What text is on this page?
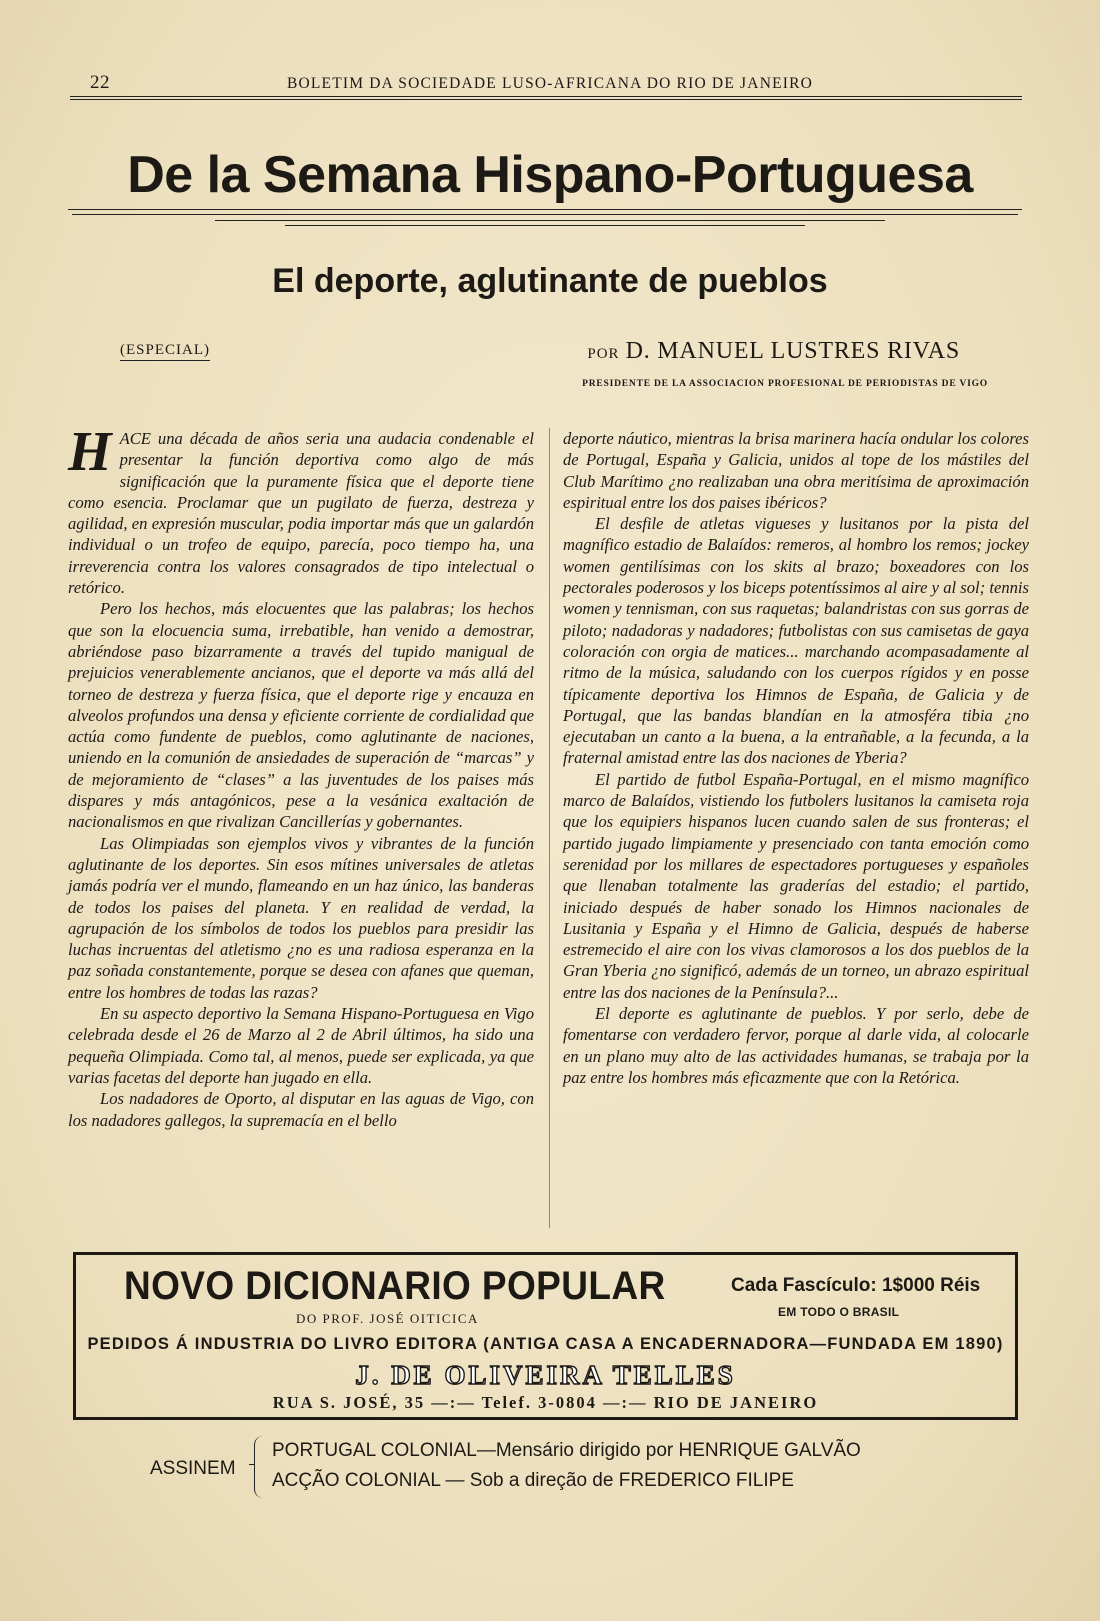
22	BOLETIM DA SOCIEDADE LUSO-AFRICANA DO RIO DE JANEIRO
De la Semana Hispano-Portuguesa
El deporte, aglutinante de pueblos
(ESPECIAL)	POR D. MANUEL LUSTRES RIVAS
PRESIDENTE DE LA ASSOCIACION PROFESIONAL DE PERIODISTAS DE VIGO

HACE una década de años seria una audacia condenable el presentar la función deportiva como algo de más significación que la puramente física que el deporte tiene como esencia. Proclamar que un pugilato de fuerza, destreza y agilidad, en expresión muscular, podia importar más que un galardón individual o un trofeo de equipo, parecía, poco tiempo ha, una irreverencia contra los valores consagrados de tipo intelectual o retórico.

Pero los hechos, más elocuentes que las palabras; los hechos que son la elocuencia suma, irrebatible, han venido a demostrar, abriéndose paso bizarramente a través del tupido manigual de prejuicios venerablemente ancianos, que el deporte va más allá del torneo de destreza y fuerza física, que el deporte rige y encauza en alveolos profundos una densa y eficiente corriente de cordialidad que actúa como fundente de pueblos, como aglutinante de naciones, uniendo en la comunión de ansiedades de superación de “marcas” y de mejoramiento de “clases” a las juventudes de los paises más dispares y más antagónicos, pese a la vesánica exaltación de nacionalismos en que rivalizan Cancillerías y gobernantes.

Las Olimpiadas son ejemplos vivos y vibrantes de la función aglutinante de los deportes. Sin esos mítines universales de atletas jamás podría ver el mundo, flameando en un haz único, las banderas de todos los paises del planeta. Y en realidad de verdad, la agrupación de los símbolos de todos los pueblos para presidir las luchas incruentas del atletismo ¿no es una radiosa esperanza en la paz soñada constantemente, porque se desea con afanes que queman, entre los hombres de todas las razas?

En su aspecto deportivo la Semana Hispano-Portuguesa en Vigo celebrada desde el 26 de Marzo al 2 de Abril últimos, ha sido una pequeña Olimpiada. Como tal, al menos, puede ser explicada, ya que varias facetas del deporte han jugado en ella.

Los nadadores de Oporto, al disputar en las aguas de Vigo, con los nadadores gallegos, la supremacía en el bello

deporte náutico, mientras la brisa marinera hacía ondular los colores de Portugal, España y Galicia, unidos al tope de los mástiles del Club Marítimo ¿no realizaban una obra meritísima de aproximación espiritual entre los dos paises ibéricos?

El desfile de atletas vigueses y lusitanos por la pista del magnífico estadio de Balaídos: remeros, al hombro los remos; jockey women gentilísimas con los skits al brazo; boxeadores con los pectorales poderosos y los biceps potentíssimos al aire y al sol; tennis women y tennisman, con sus raquetas; balandristas con sus gorras de piloto; nadadoras y nadadores; futbolistas con sus camisetas de gaya coloración con orgia de matices... marchando acompasadamente al ritmo de la música, saludando con los cuerpos rígidos y en posse típicamente deportiva los Himnos de España, de Galicia y de Portugal, que las bandas blandían en la atmosféra tibia ¿no ejecutaban un canto a la buena, a la entrañable, a la fecunda, a la fraternal amistad entre las dos naciones de Yberia?

El partido de futbol España-Portugal, en el mismo magnífico marco de Balaídos, vistiendo los futbolers lusitanos la camiseta roja que los equipiers hispanos lucen cuando salen de sus fronteras; el partido jugado limpiamente y presenciado con tanta emoción como serenidad por los millares de espectadores portugueses y españoles que llenaban totalmente las graderías del estadio; el partido, iniciado después de haber sonado los Himnos nacionales de Lusitania y España y el Himno de Galicia, después de haberse estremecido el aire con los vivas clamorosos a los dos pueblos de la Gran Yberia ¿no significó, además de un torneo, un abrazo espiritual entre las dos naciones de la Península?...

El deporte es aglutinante de pueblos. Y por serlo, debe de fomentarse con verdadero fervor, porque al darle vida, al colocarle en un plano muy alto de las actividades humanas, se trabaja por la paz entre los hombres más eficazmente que con la Retórica.

NOVO DICIONARIO POPULAR	Cada Fascículo: 1$000 Réis
EM TODO O BRASIL
DO PROF. JOSÉ OITICICA
PEDIDOS Á INDUSTRIA DO LIVRO EDITORA (ANTIGA CASA A ENCADERNADORA—FUNDADA EM 1890)
J. DE OLIVEIRA TELLES
RUA S. JOSÉ, 35 —:— Telef. 3-0804 —:— RIO DE JANEIRO
ASSINEM
PORTUGAL COLONIAL—Mensário dirigido por HENRIQUE GALVÃO
ACÇÃO COLONIAL — Sob a direção de FREDERICO FILIPE
